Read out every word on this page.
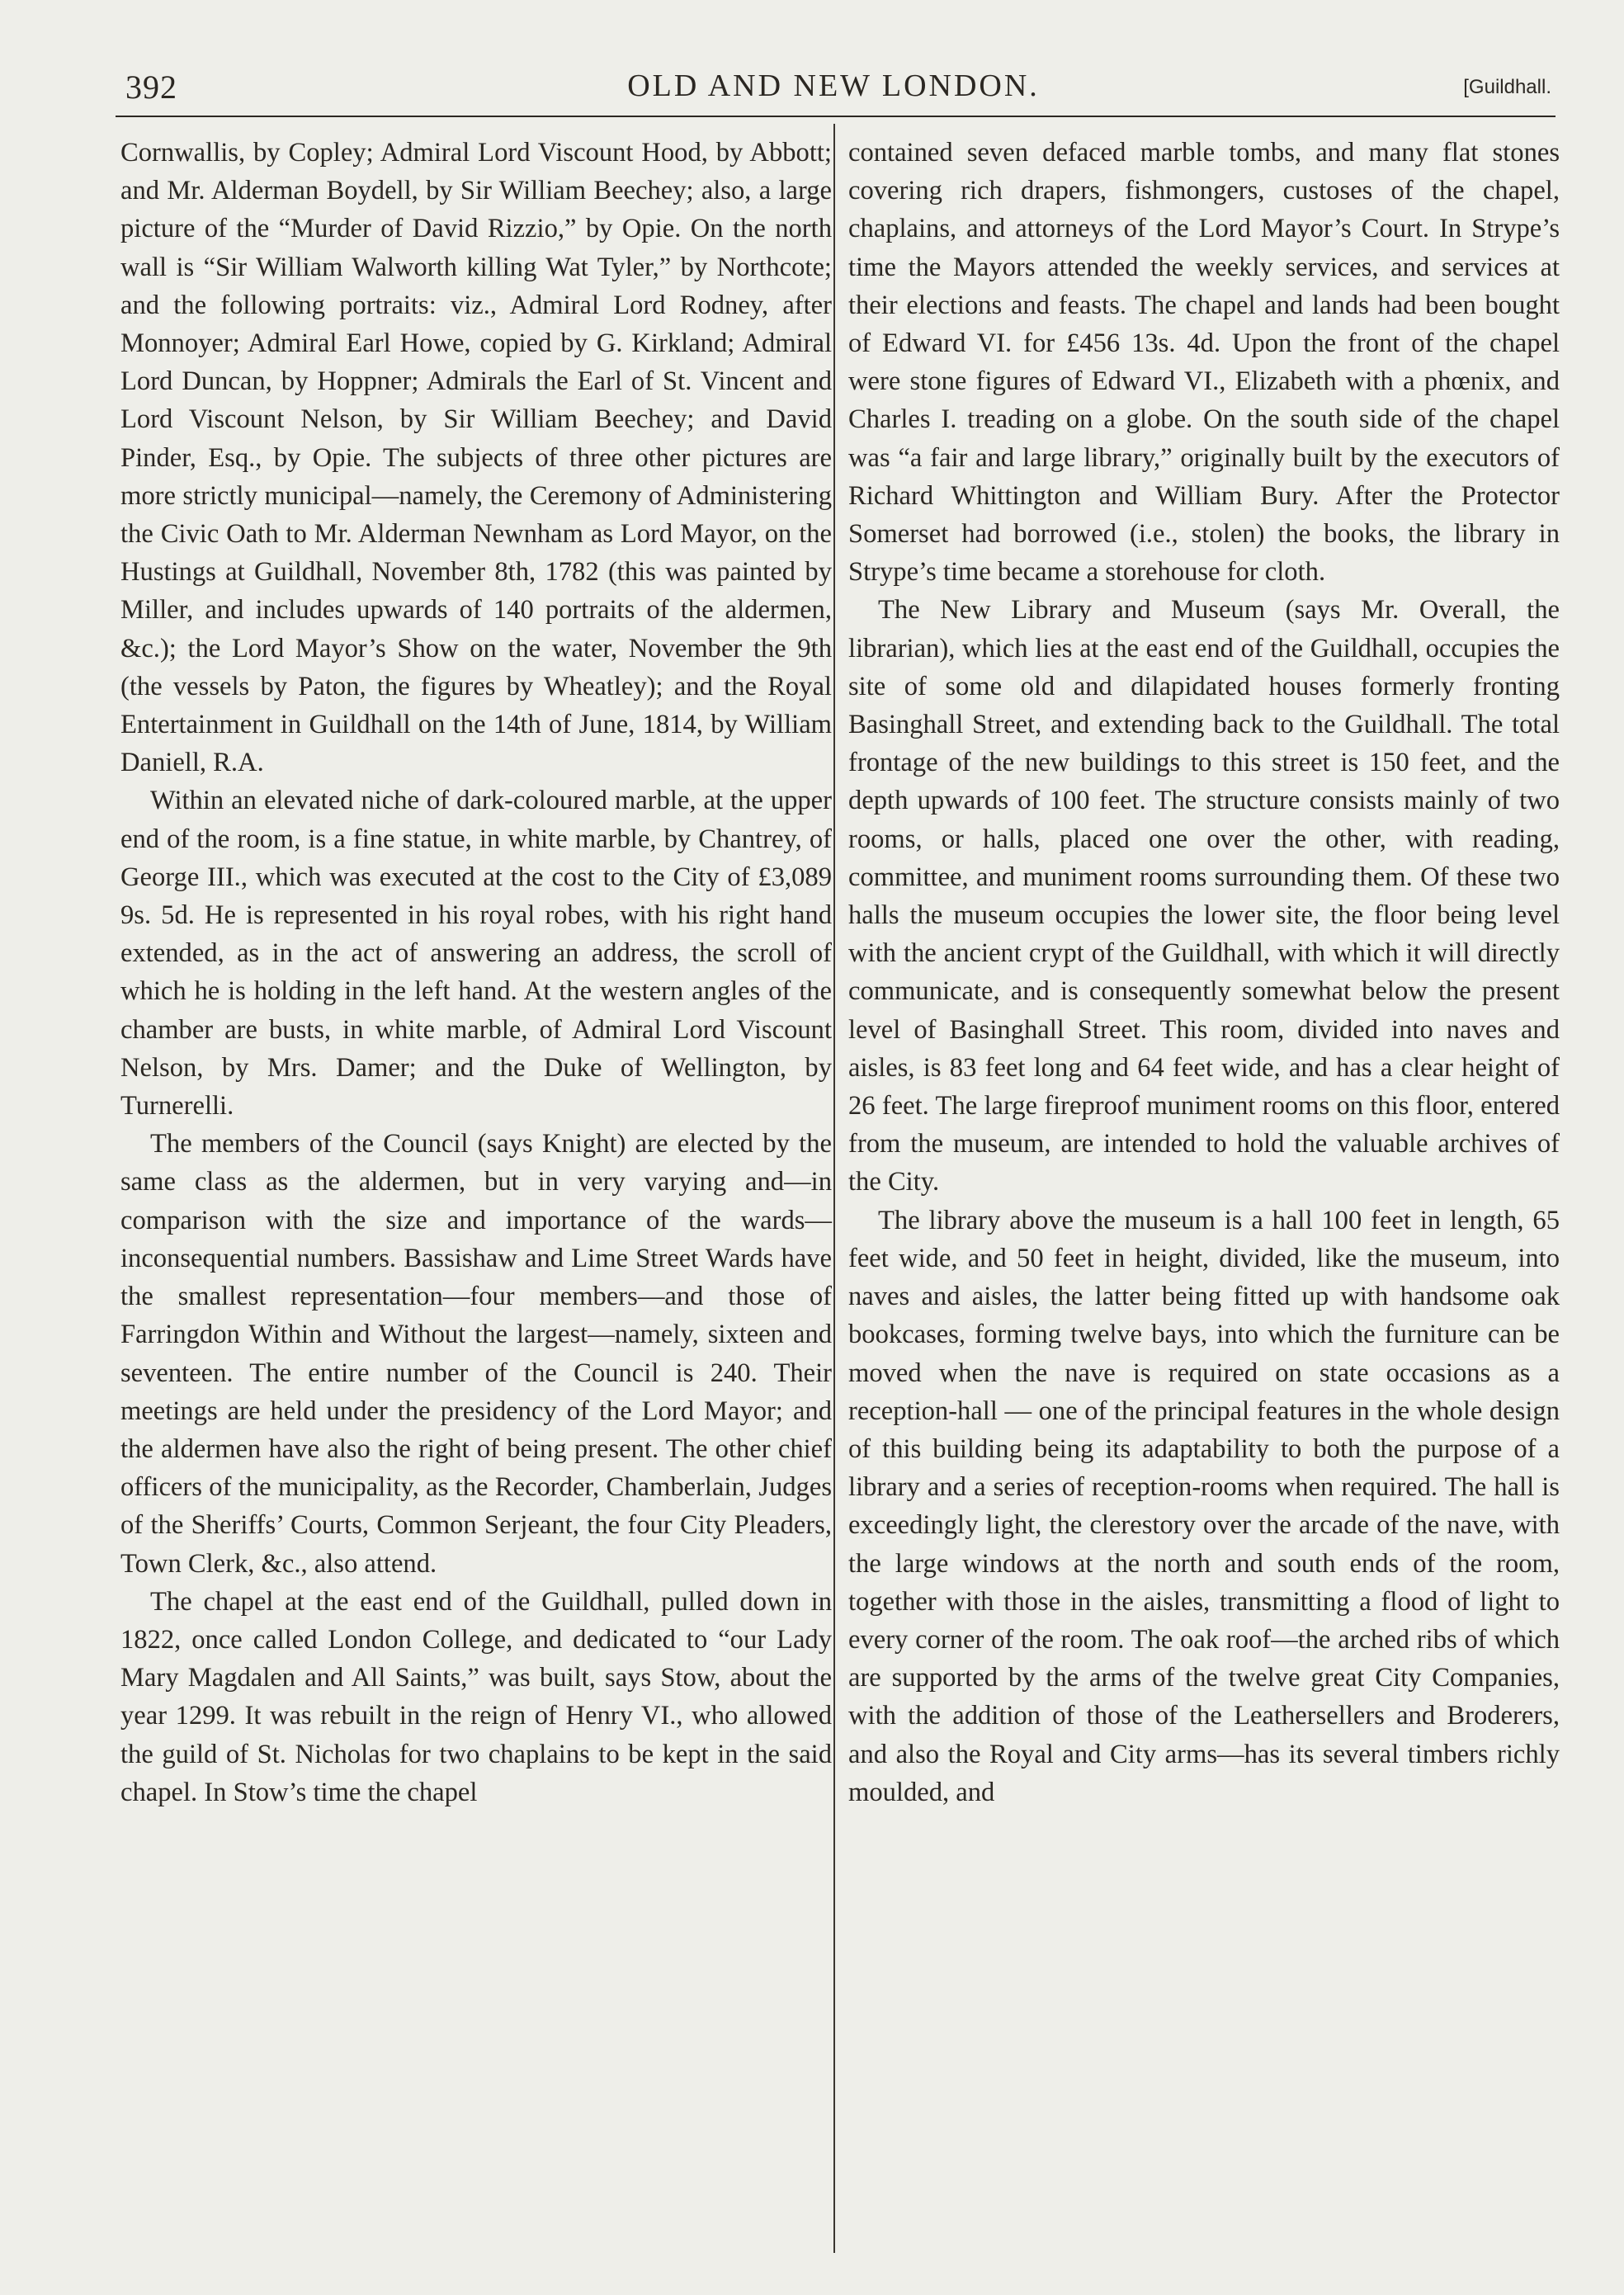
392	OLD AND NEW LONDON.	[Guildhall.

Cornwallis, by Copley; Admiral Lord Viscount Hood, by Abbott; and Mr. Alderman Boydell, by Sir William Beechey; also, a large picture of the “Murder of David Rizzio,” by Opie. On the north wall is “Sir William Walworth killing Wat Tyler,” by Northcote; and the following portraits: viz., Admiral Lord Rodney, after Monnoyer; Admiral Earl Howe, copied by G. Kirkland; Admiral Lord Duncan, by Hoppner; Admirals the Earl of St. Vincent and Lord Viscount Nelson, by Sir William Beechey; and David Pinder, Esq., by Opie. The subjects of three other pictures are more strictly municipal—namely, the Ceremony of Administering the Civic Oath to Mr. Alderman Newnham as Lord Mayor, on the Hustings at Guildhall, November 8th, 1782 (this was painted by Miller, and includes upwards of 140 portraits of the aldermen, &c.); the Lord Mayor’s Show on the water, November the 9th (the vessels by Paton, the figures by Wheatley); and the Royal Entertainment in Guildhall on the 14th of June, 1814, by William Daniell, R.A.

Within an elevated niche of dark-coloured marble, at the upper end of the room, is a fine statue, in white marble, by Chantrey, of George III., which was executed at the cost to the City of £3,089 9s. 5d. He is represented in his royal robes, with his right hand extended, as in the act of answering an address, the scroll of which he is holding in the left hand. At the western angles of the chamber are busts, in white marble, of Admiral Lord Viscount Nelson, by Mrs. Damer; and the Duke of Wellington, by Turnerelli.

The members of the Council (says Knight) are elected by the same class as the aldermen, but in very varying and—in comparison with the size and importance of the wards—inconsequential numbers. Bassishaw and Lime Street Wards have the smallest representation—four members—and those of Farringdon Within and Without the largest—namely, sixteen and seventeen. The entire number of the Council is 240. Their meetings are held under the presidency of the Lord Mayor; and the aldermen have also the right of being present. The other chief officers of the municipality, as the Recorder, Chamberlain, Judges of the Sheriffs’ Courts, Common Serjeant, the four City Pleaders, Town Clerk, &c., also attend.

The chapel at the east end of the Guildhall, pulled down in 1822, once called London College, and dedicated to “our Lady Mary Magdalen and All Saints,” was built, says Stow, about the year 1299. It was rebuilt in the reign of Henry VI., who allowed the guild of St. Nicholas for two chaplains to be kept in the said chapel. In Stow’s time the chapel

contained seven defaced marble tombs, and many flat stones covering rich drapers, fishmongers, custoses of the chapel, chaplains, and attorneys of the Lord Mayor’s Court. In Strype’s time the Mayors attended the weekly services, and services at their elections and feasts. The chapel and lands had been bought of Edward VI. for £456 13s. 4d. Upon the front of the chapel were stone figures of Edward VI., Elizabeth with a phœnix, and Charles I. treading on a globe. On the south side of the chapel was “a fair and large library,” originally built by the executors of Richard Whittington and William Bury. After the Protector Somerset had borrowed (i.e., stolen) the books, the library in Strype’s time became a storehouse for cloth.

The New Library and Museum (says Mr. Overall, the librarian), which lies at the east end of the Guildhall, occupies the site of some old and dilapidated houses formerly fronting Basinghall Street, and extending back to the Guildhall. The total frontage of the new buildings to this street is 150 feet, and the depth upwards of 100 feet. The structure consists mainly of two rooms, or halls, placed one over the other, with reading, committee, and muniment rooms surrounding them. Of these two halls the museum occupies the lower site, the floor being level with the ancient crypt of the Guildhall, with which it will directly communicate, and is consequently somewhat below the present level of Basinghall Street. This room, divided into naves and aisles, is 83 feet long and 64 feet wide, and has a clear height of 26 feet. The large fireproof muniment rooms on this floor, entered from the museum, are intended to hold the valuable archives of the City.

The library above the museum is a hall 100 feet in length, 65 feet wide, and 50 feet in height, divided, like the museum, into naves and aisles, the latter being fitted up with handsome oak bookcases, forming twelve bays, into which the furniture can be moved when the nave is required on state occasions as a reception-hall — one of the principal features in the whole design of this building being its adaptability to both the purpose of a library and a series of reception-rooms when required. The hall is exceedingly light, the clerestory over the arcade of the nave, with the large windows at the north and south ends of the room, together with those in the aisles, transmitting a flood of light to every corner of the room. The oak roof—the arched ribs of which are supported by the arms of the twelve great City Companies, with the addition of those of the Leathersellers and Broderers, and also the Royal and City arms—has its several timbers richly moulded, and
